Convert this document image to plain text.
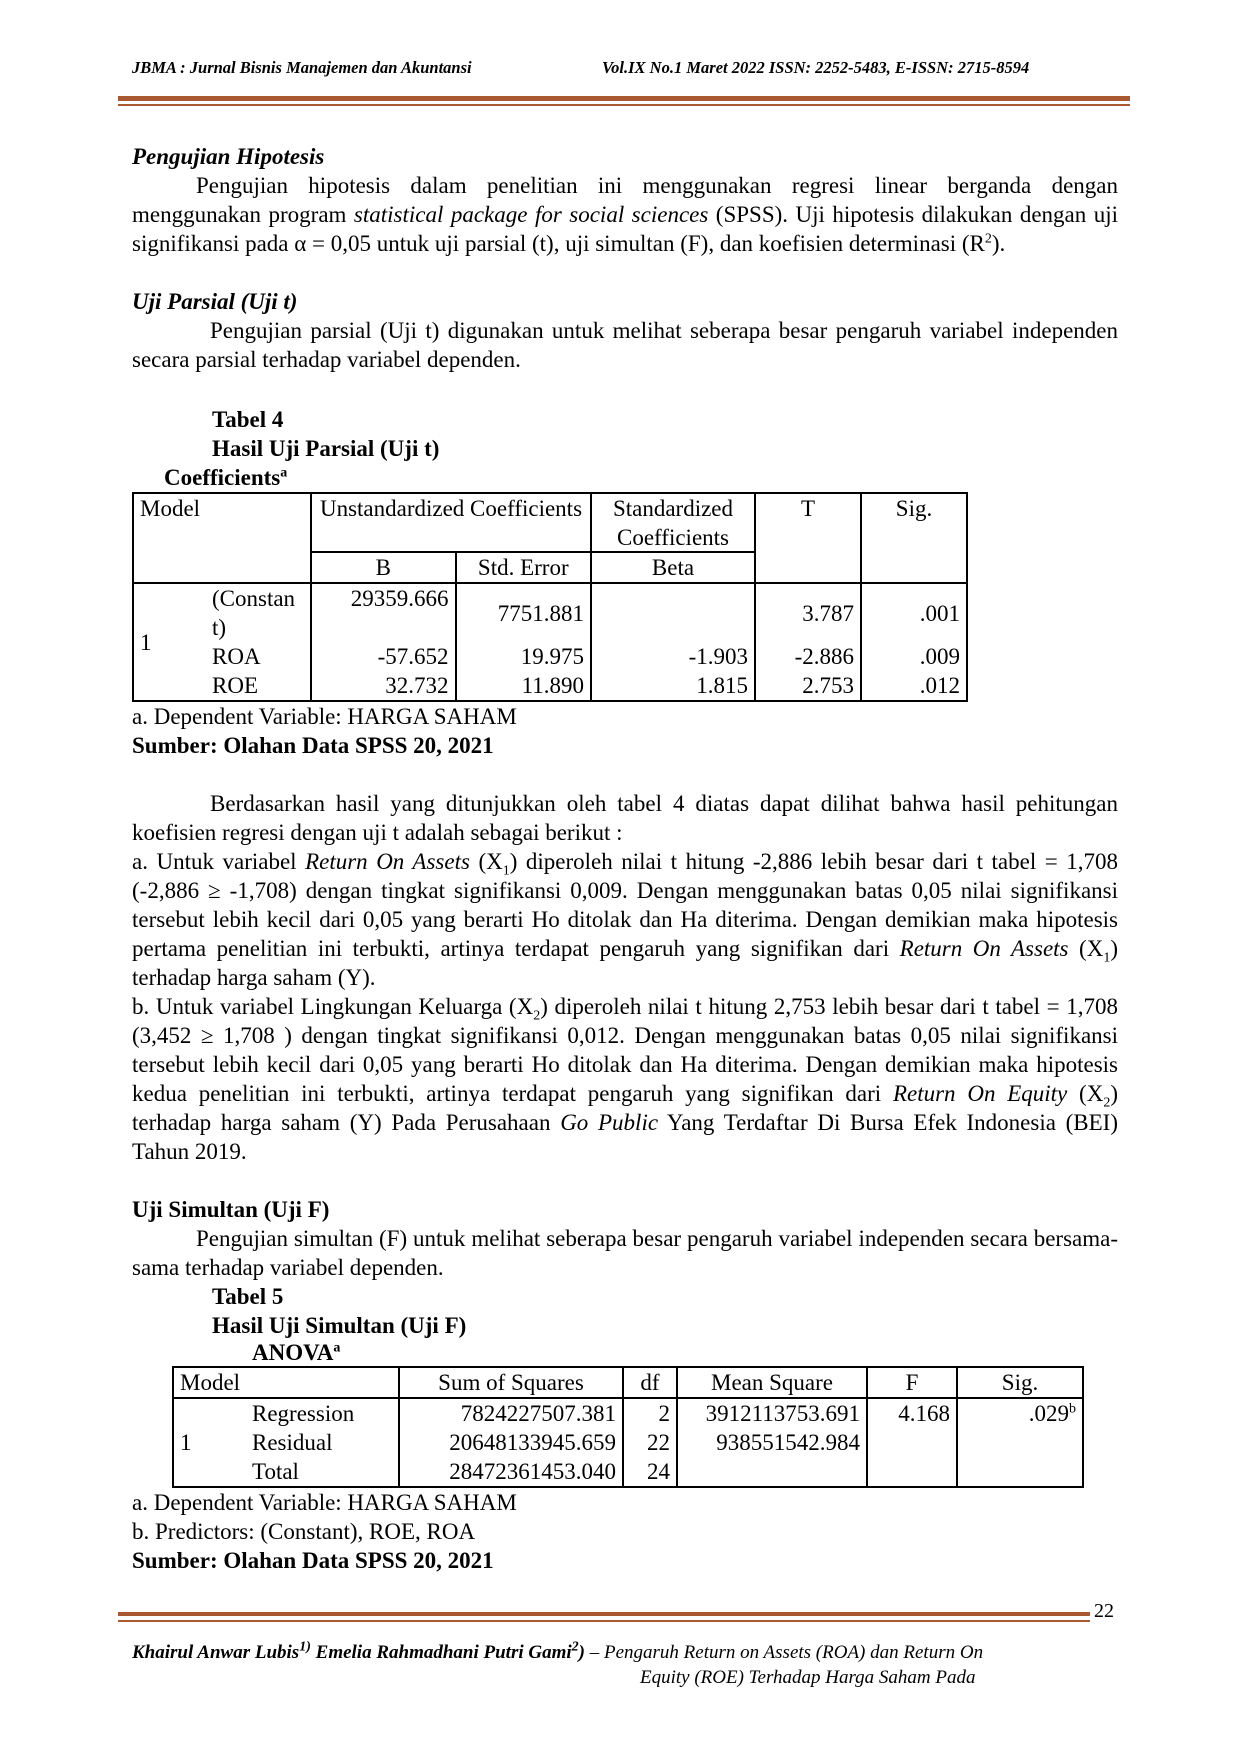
JBMA : Jurnal Bisnis Manajemen dan Akuntansi	Vol.IX No.1 Maret 2022 ISSN: 2252-5483, E-ISSN: 2715-8594

Pengujian Hipotesis

Pengujian hipotesis dalam penelitian ini menggunakan regresi linear berganda dengan menggunakan program statistical package for social sciences (SPSS). Uji hipotesis dilakukan dengan uji signifikansi pada α = 0,05 untuk uji parsial (t), uji simultan (F), dan koefisien determinasi $(R^2)$.

Uji Parsial (Uji t)

Pengujian parsial (Uji t) digunakan untuk melihat seberapa besar pengaruh variabel independen secara parsial terhadap variabel dependen.

Tabel 4

Hasil Uji Parsial (Uji t)

Coefficients$^a$

Model		Unstandardized Coefficients		Standardized Coefficients	T	Sig.

		B	Std. Error	Beta		
1	(Constant)	29359.666	7751.881		3.787	.001
	ROA	-57.652	19.975	-1.903	-2.886	.009
	ROE	32.732	11.890	1.815	2.753	.012

a. Dependent Variable: HARGA SAHAM

Sumber: Olahan Data SPSS 20, 2021

Berdasarkan hasil yang ditunjukkan oleh tabel 4 diatas dapat dilihat bahwa hasil pehitungan koefisien regresi dengan uji t adalah sebagai berikut :

a. Untuk variabel Return On Assets $(X_1)$ diperoleh nilai t hitung -2,886 lebih besar dari t tabel = 1,708 (-2,886 ≥ -1,708) dengan tingkat signifikansi 0,009. Dengan menggunakan batas 0,05 nilai signifikansi tersebut lebih kecil dari 0,05 yang berarti Ho ditolak dan Ha diterima. Dengan demikian maka hipotesis pertama penelitian ini terbukti, artinya terdapat pengaruh yang signifikan dari Return On Assets $(X_1)$ terhadap harga saham (Y).

b. Untuk variabel Lingkungan Keluarga $(X_2)$ diperoleh nilai t hitung 2,753 lebih besar dari t tabel = 1,708 (3,452 ≥ 1,708 ) dengan tingkat signifikansi 0,012. Dengan menggunakan batas 0,05 nilai signifikansi tersebut lebih kecil dari 0,05 yang berarti Ho ditolak dan Ha diterima. Dengan demikian maka hipotesis kedua penelitian ini terbukti, artinya terdapat pengaruh yang signifikan dari Return On Equity $(X_2)$ terhadap harga saham (Y) Pada Perusahaan Go Public Yang Terdaftar Di Bursa Efek Indonesia (BEI) Tahun 2019.

Uji Simultan (Uji F)

Pengujian simultan (F) untuk melihat seberapa besar pengaruh variabel independen secara bersama-sama terhadap variabel dependen.

Tabel 5

Hasil Uji Simultan (Uji F)

ANOVA$^a$

Model		Sum of Squares	df	Mean Square	F	Sig.
1	Regression	7824227507.381	2	3912113753.691	4.168	.029$^b$
	Residual	20648133945.659	22	938551542.984		
	Total	28472361453.040	24			

a. Dependent Variable: HARGA SAHAM

b. Predictors: (Constant), ROE, ROA

Sumber: Olahan Data SPSS 20, 2021

22
Khairul Anwar Lubis$^{1)}$ Emelia Rahmadhani Putri Gami$^2$) – Pengaruh Return on Assets (ROA) dan Return On
Equity (ROE) Terhadap Harga Saham Pada
